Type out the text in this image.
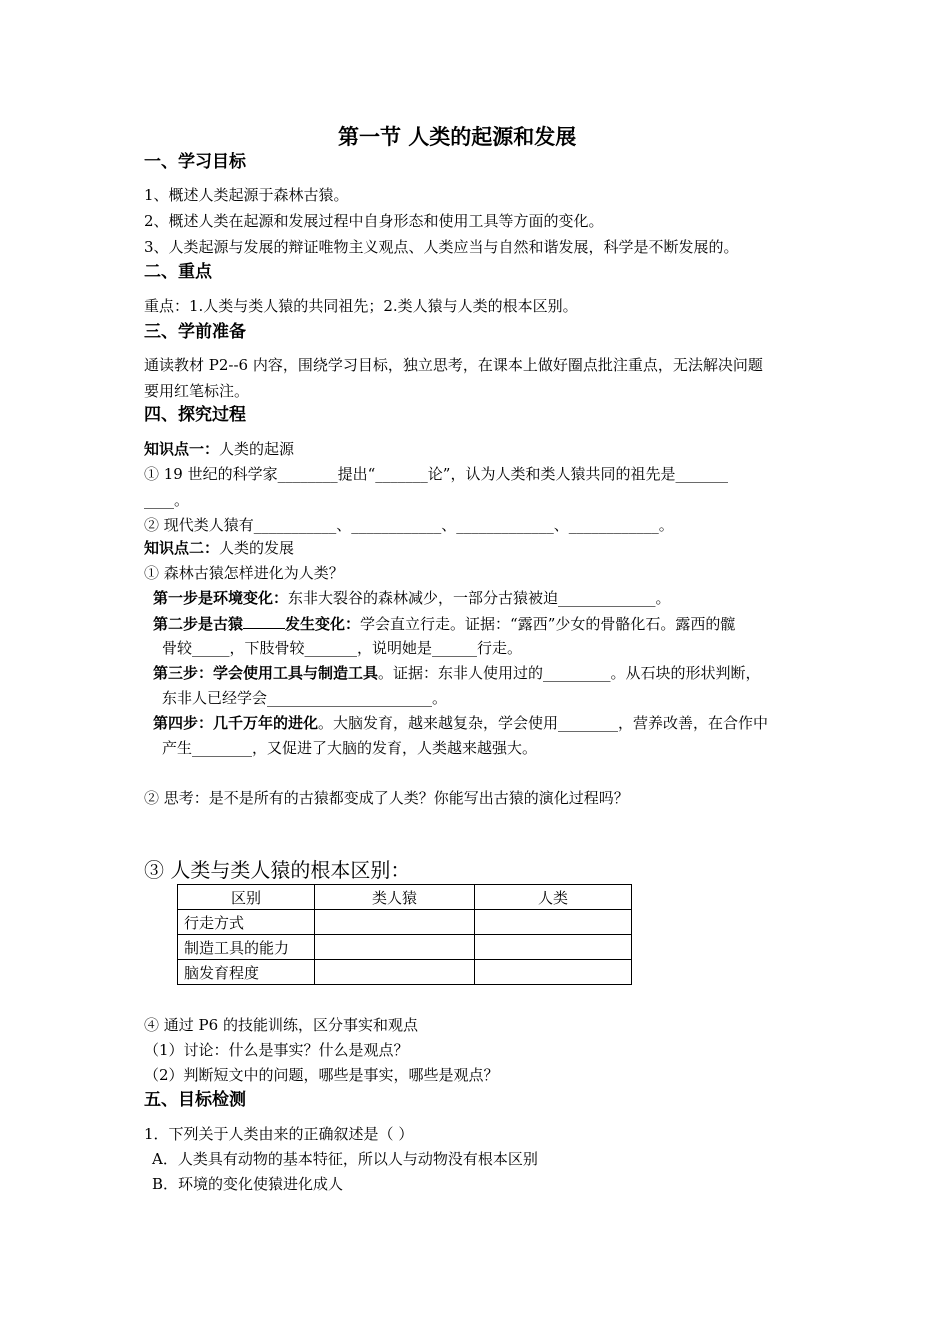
第一节 人类的起源和发展
一、学习目标
1、概述人类起源于森林古猿。
2、概述人类在起源和发展过程中自身形态和使用工具等方面的变化。
3、人类起源与发展的辩证唯物主义观点、人类应当与自然和谐发展，科学是不断发展的。
二、重点
重点：1.人类与类人猿的共同祖先；2.类人猿与人类的根本区别。
三、学前准备
通读教材 P2--6 内容，围绕学习目标，独立思考，在课本上做好圈点批注重点，无法解决问题
要用红笔标注。
四、探究过程
知识点一：人类的起源
① 19 世纪的科学家________提出“_______论”，认为人类和类人猿共同的祖先是_______
____。
② 现代类人猿有___________、____________、_____________、____________。
知识点二：人类的发展
① 森林古猿怎样进化为人类？
第一步是环境变化：东非大裂谷的森林减少，一部分古猿被迫_____________。
第二步是古猿	发生变化：学会直立行走。证据：“露西”少女的骨骼化石。露西的髋
骨较_____，下肢骨较_______，说明她是______行走。
第三步：学会使用工具与制造工具。证据：东非人使用过的_________。从石块的形状判断，
东非人已经学会______________________。
第四步：几千万年的进化。大脑发育，越来越复杂，学会使用________，营养改善，在合作中
产生________，又促进了大脑的发育，人类越来越强大。
② 思考：是不是所有的古猿都变成了人类？你能写出古猿的演化过程吗？
③ 人类与类人猿的根本区别：
区别	类人猿	人类
行走方式		
制造工具的能力		
脑发育程度		
④ 通过 P6 的技能训练，区分事实和观点
（1）讨论：什么是事实？什么是观点？
（2）判断短文中的问题，哪些是事实，哪些是观点？
五、目标检测
1．下列关于人类由来的正确叙述是（ ）
A．人类具有动物的基本特征，所以人与动物没有根本区别
B．环境的变化使猿进化成人
